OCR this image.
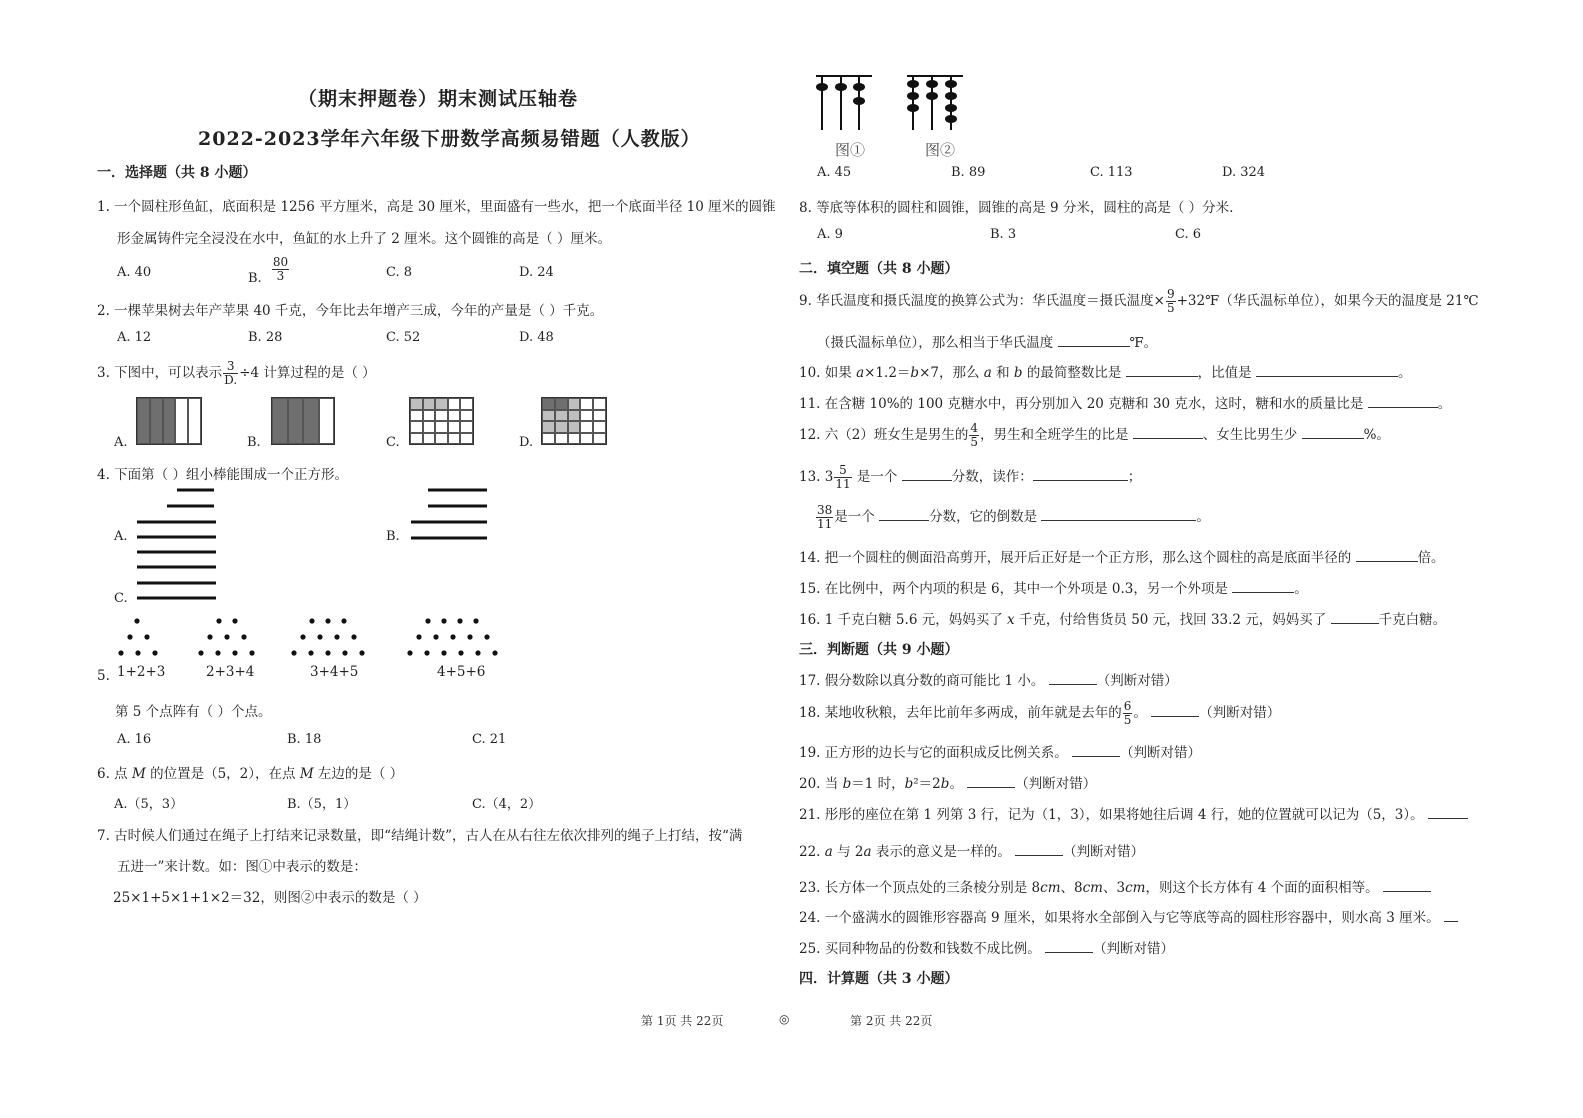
（期末押题卷）期末测试压轴卷
2022-2023学年六年级下册数学高频易错题（人教版）
一．选择题（共 8 小题）
1. 一个圆柱形鱼缸，底面积是 1256 平方厘米，高是 30 厘米，里面盛有一些水，把一个底面半径 10 厘米的圆锥
形金属铸件完全浸没在水中，鱼缸的水上升了 2 厘米。这个圆锥的高是（ ）厘米。
A. 40	B. $\frac{80}{3}$	C. 8	D. 24
2. 一棵苹果树去年产苹果 40 千克，今年比去年增产三成，今年的产量是（ ）千克。
A. 12	B. 28	C. 52	D. 48
3. 下图中，可以表示 $\frac{3}{D.} \div 4$ 计算过程的是（ ）
A.	B.	C.	D.
4. 下面第（ ）组小棒能围成一个正方形。
A.	B.
C.
5. 1+2+3	2+3+4	3+4+5	4+5+6
第 5 个点阵有（ ）个点。
A. 16	B. 18	C. 21
6. 点 M 的位置是（5，2），在点 M 左边的是（ ）
A.（5，3）	B.（5，1）	C.（4，2）
7. 古时候人们通过在绳子上打结来记录数量，即“结绳计数”，古人在从右往左依次排列的绳子上打结，按“满
五进一”来计数。如：图①中表示的数是：
25×1+5×1+1×2＝32，则图②中表示的数是（ ）
图①	图②
A. 45	B. 89	C. 113	D. 324
8. 等底等体积的圆柱和圆锥，圆锥的高是 9 分米，圆柱的高是（ ）分米.
A. 9	B. 3	C. 6
二．填空题（共 8 小题）
9. 华氏温度和摄氏温度的换算公式为：华氏温度＝摄氏温度× $\frac{9}{5}$ +32℉（华氏温标单位），如果今天的温度是 21℃
（摄氏温标单位），那么相当于华氏温度	℉。
10. 如果 a×1.2＝b×7，那么 a 和 b 的最简整数比是	，比值是	。
11. 在含糖 10%的 100 克糖水中，再分别加入 20 克糖和 30 克水，这时，糖和水的质量比是	。
12. 六（2）班女生是男生的 $\frac{4}{5}$ ，男生和全班学生的比是	、女生比男生少	%。
13. $3 \frac{5}{11}$ 是一个	分数，读作：	；
$\frac{38}{11}$ 是一个	分数，它的倒数是	。
14. 把一个圆柱的侧面沿高剪开，展开后正好是一个正方形，那么这个圆柱的高是底面半径的	倍。
15. 在比例中，两个内项的积是 6，其中一个外项是 0.3，另一个外项是	。
16. 1 千克白糖 5.6 元，妈妈买了 x 千克，付给售货员 50 元，找回 33.2 元，妈妈买了	千克白糖。
三．判断题（共 9 小题）
17. 假分数除以真分数的商可能比 1 小。	（判断对错）
18. 某地收秋粮，去年比前年多两成，前年就是去年的 $\frac{6}{5}$ 。	（判断对错）
19. 正方形的边长与它的面积成反比例关系。	（判断对错）
20. 当 b＝1 时，b²＝2b。	（判断对错）
21. 彤彤的座位在第 1 列第 3 行，记为（1，3），如果将她往后调 4 行，她的位置就可以记为（5，3）。
22. a 与 2a 表示的意义是一样的。	（判断对错）
23. 长方体一个顶点处的三条棱分别是 8cm、8cm、3cm，则这个长方体有 4 个面的面积相等。
24. 一个盛满水的圆锥形容器高 9 厘米，如果将水全部倒入与它等底等高的圆柱形容器中，则水高 3 厘米。
25. 买同种物品的份数和钱数不成比例。	（判断对错）
四．计算题（共 3 小题）
第 1页 共 22页	◎	第 2页 共 22页
